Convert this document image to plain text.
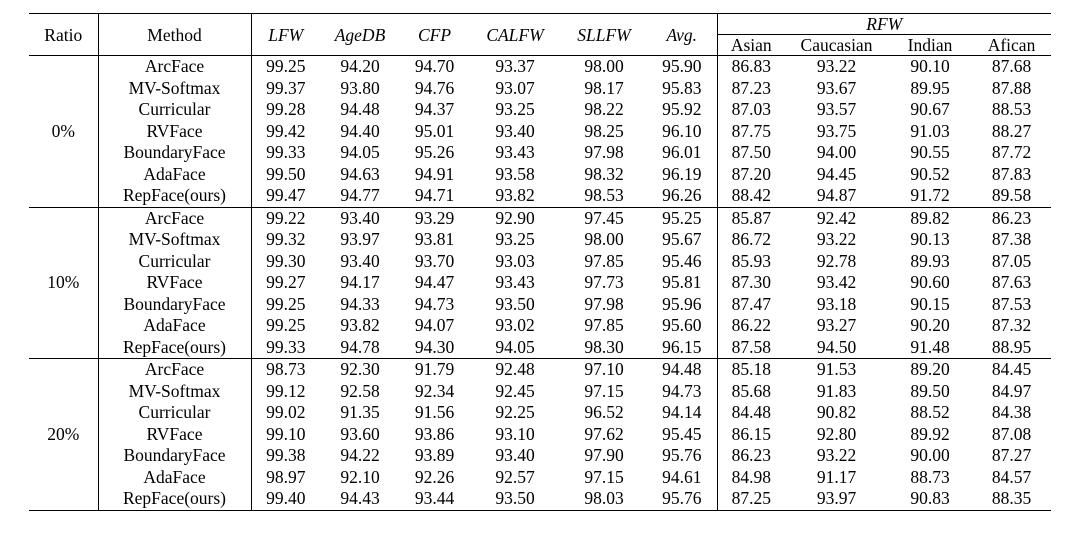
Ratio	Method	LFW	AgeDB	CFP	CALFW	SLLFW	Avg.	RFW			
								Asian	Caucasian	Indian	Afican
0%	ArcFace	99.25	94.20	94.70	93.37	98.00	95.90	86.83	93.22	90.10	87.68
	MV-Softmax	99.37	93.80	94.76	93.07	98.17	95.83	87.23	93.67	89.95	87.88
	Curricular	99.28	94.48	94.37	93.25	98.22	95.92	87.03	93.57	90.67	88.53
	RVFace	99.42	94.40	95.01	93.40	98.25	96.10	87.75	93.75	91.03	88.27
	BoundaryFace	99.33	94.05	95.26	93.43	97.98	96.01	87.50	94.00	90.55	87.72
	AdaFace	99.50	94.63	94.91	93.58	98.32	96.19	87.20	94.45	90.52	87.83
	RepFace(ours)	99.47	94.77	94.71	93.82	98.53	96.26	88.42	94.87	91.72	89.58
10%	ArcFace	99.22	93.40	93.29	92.90	97.45	95.25	85.87	92.42	89.82	86.23
	MV-Softmax	99.32	93.97	93.81	93.25	98.00	95.67	86.72	93.22	90.13	87.38
	Curricular	99.30	93.40	93.70	93.03	97.85	95.46	85.93	92.78	89.93	87.05
	RVFace	99.27	94.17	94.47	93.43	97.73	95.81	87.30	93.42	90.60	87.63
	BoundaryFace	99.25	94.33	94.73	93.50	97.98	95.96	87.47	93.18	90.15	87.53
	AdaFace	99.25	93.82	94.07	93.02	97.85	95.60	86.22	93.27	90.20	87.32
	RepFace(ours)	99.33	94.78	94.30	94.05	98.30	96.15	87.58	94.50	91.48	88.95
20%	ArcFace	98.73	92.30	91.79	92.48	97.10	94.48	85.18	91.53	89.20	84.45
	MV-Softmax	99.12	92.58	92.34	92.45	97.15	94.73	85.68	91.83	89.50	84.97
	Curricular	99.02	91.35	91.56	92.25	96.52	94.14	84.48	90.82	88.52	84.38
	RVFace	99.10	93.60	93.86	93.10	97.62	95.45	86.15	92.80	89.92	87.08
	BoundaryFace	99.38	94.22	93.89	93.40	97.90	95.76	86.23	93.22	90.00	87.27
	AdaFace	98.97	92.10	92.26	92.57	97.15	94.61	84.98	91.17	88.73	84.57
	RepFace(ours)	99.40	94.43	93.44	93.50	98.03	95.76	87.25	93.97	90.83	88.35
